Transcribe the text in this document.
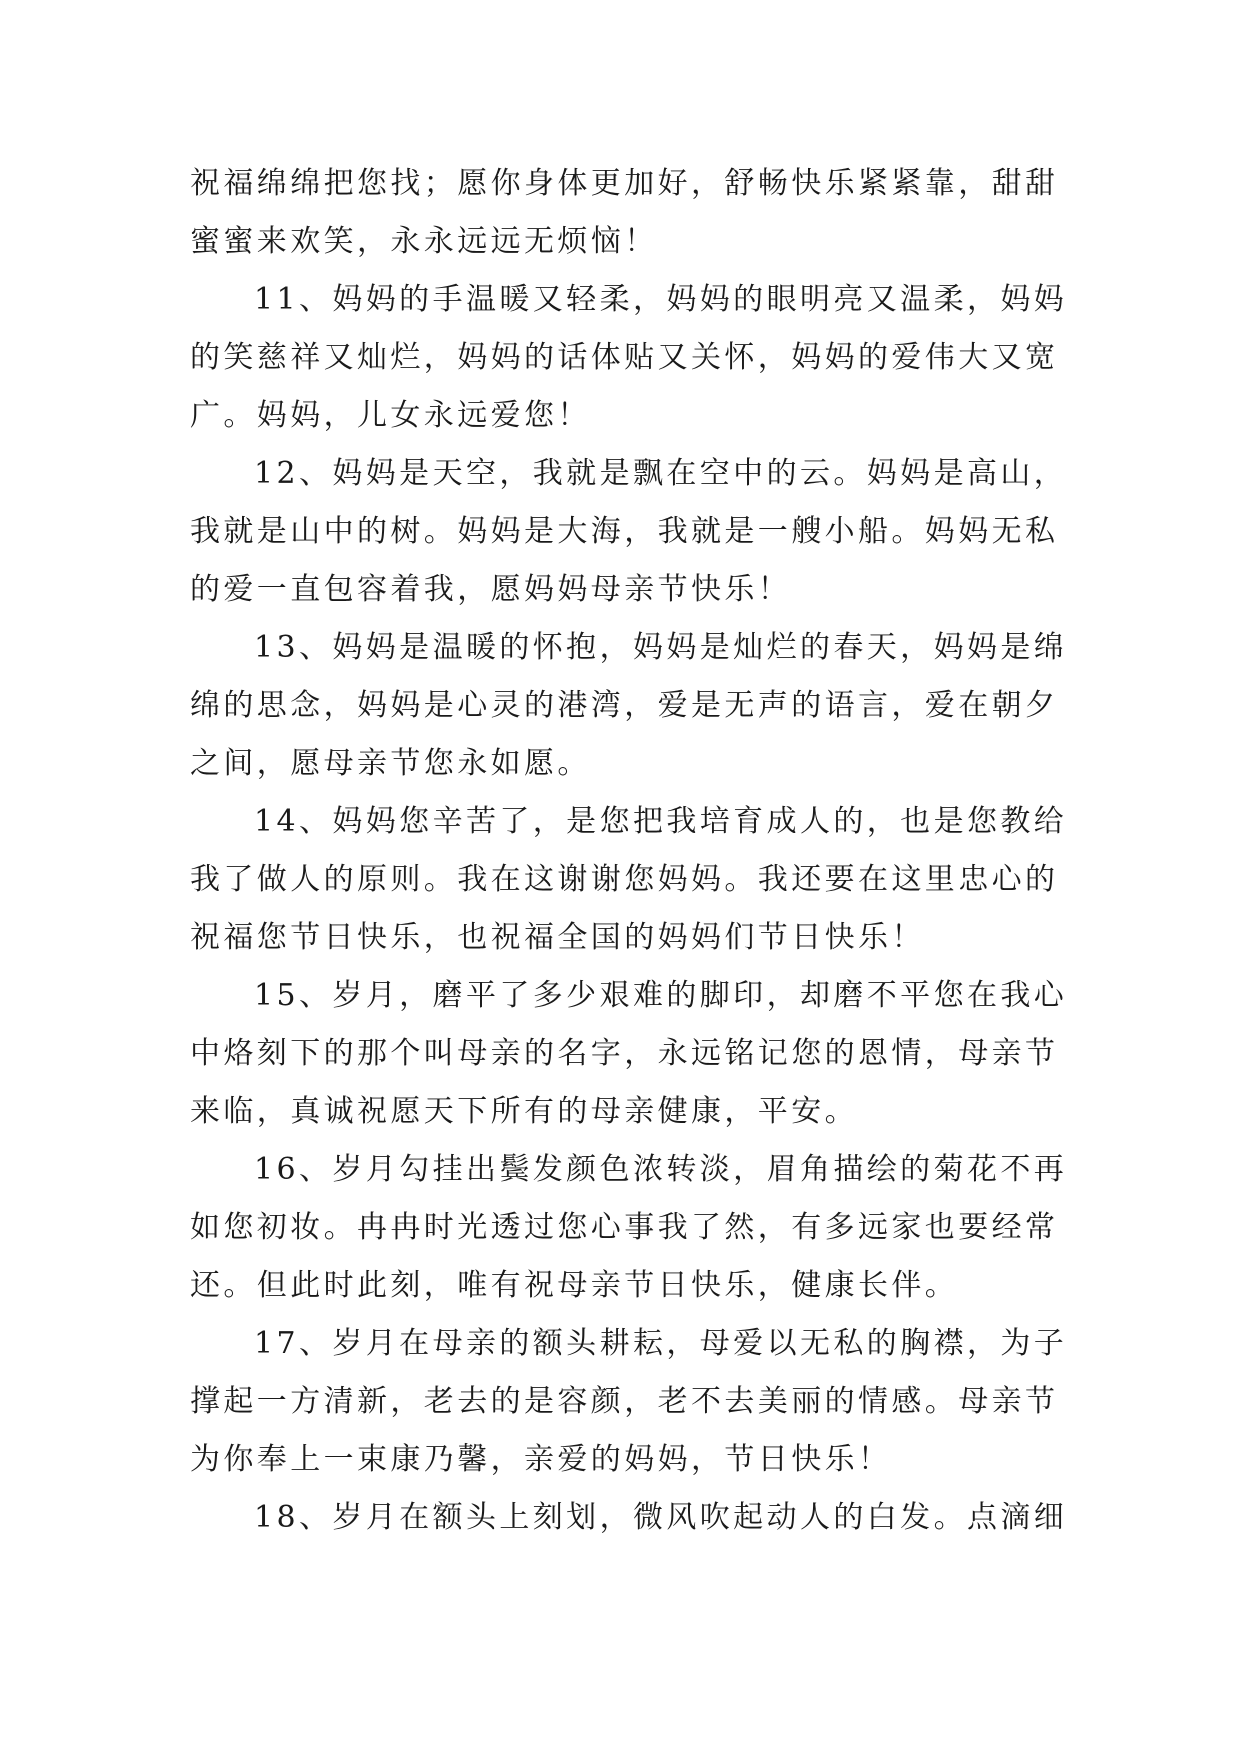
祝福绵绵把您找；愿你身体更加好，舒畅快乐紧紧靠，甜甜
蜜蜜来欢笑，永永远远无烦恼！
11、妈妈的手温暖又轻柔，妈妈的眼明亮又温柔，妈妈
的笑慈祥又灿烂，妈妈的话体贴又关怀，妈妈的爱伟大又宽
广。妈妈，儿女永远爱您！
12、妈妈是天空，我就是飘在空中的云。妈妈是高山，
我就是山中的树。妈妈是大海，我就是一艘小船。妈妈无私
的爱一直包容着我，愿妈妈母亲节快乐！
13、妈妈是温暖的怀抱，妈妈是灿烂的春天，妈妈是绵
绵的思念，妈妈是心灵的港湾，爱是无声的语言，爱在朝夕
之间，愿母亲节您永如愿。
14、妈妈您辛苦了，是您把我培育成人的，也是您教给
我了做人的原则。我在这谢谢您妈妈。我还要在这里忠心的
祝福您节日快乐，也祝福全国的妈妈们节日快乐！
15、岁月，磨平了多少艰难的脚印，却磨不平您在我心
中烙刻下的那个叫母亲的名字，永远铭记您的恩情，母亲节
来临，真诚祝愿天下所有的母亲健康，平安。
16、岁月勾挂出鬓发颜色浓转淡，眉角描绘的菊花不再
如您初妆。冉冉时光透过您心事我了然，有多远家也要经常
还。但此时此刻，唯有祝母亲节日快乐，健康长伴。
17、岁月在母亲的额头耕耘，母爱以无私的胸襟，为子
撑起一方清新，老去的是容颜，老不去美丽的情感。母亲节
为你奉上一束康乃馨，亲爱的妈妈，节日快乐！
18、岁月在额头上刻划，微风吹起动人的白发。点滴细
